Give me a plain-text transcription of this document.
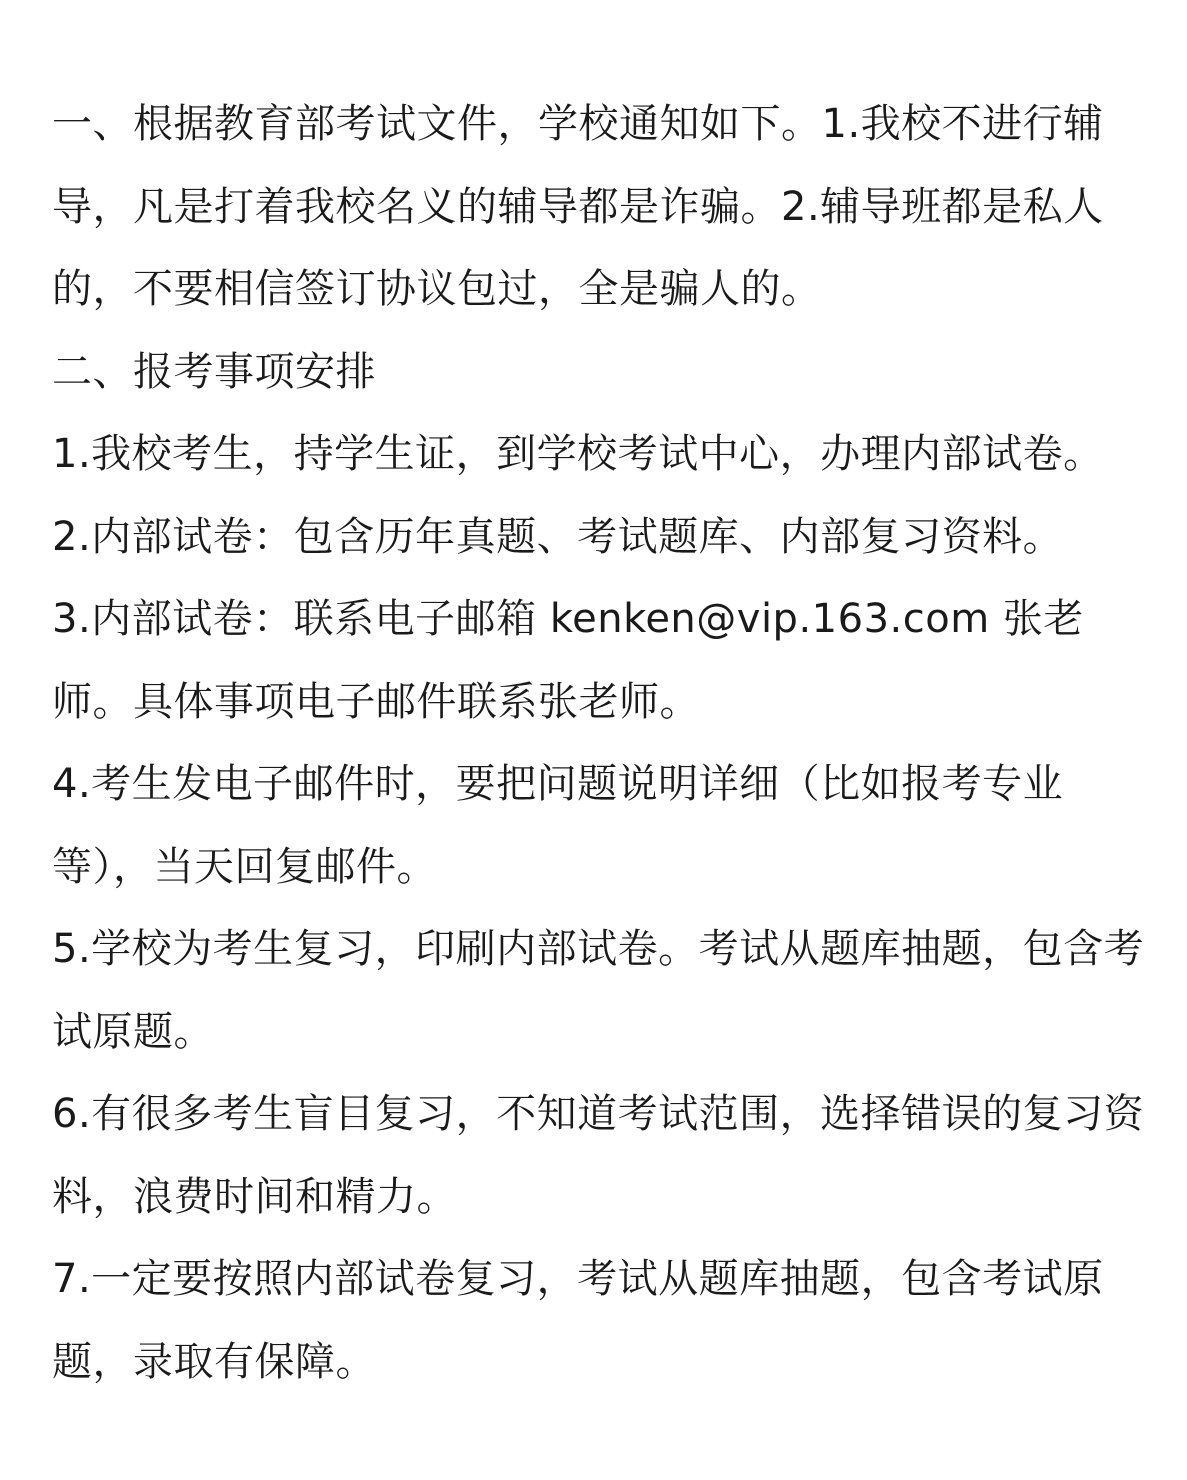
一、根据教育部考试文件，学校通知如下。1.我校不进行辅导，凡是打着我校名义的辅导都是诈骗。2.辅导班都是私人的，不要相信签订协议包过，全是骗人的。

二、报考事项安排

1.我校考生，持学生证，到学校考试中心，办理内部试卷。

2.内部试卷：包含历年真题、考试题库、内部复习资料。

3.内部试卷：联系电子邮箱 kenken@vip.163.com 张老师。具体事项电子邮件联系张老师。

4.考生发电子邮件时，要把问题说明详细（比如报考专业等），当天回复邮件。

5.学校为考生复习，印刷内部试卷。考试从题库抽题，包含考试原题。

6.有很多考生盲目复习，不知道考试范围，选择错误的复习资料，浪费时间和精力。

7.一定要按照内部试卷复习，考试从题库抽题，包含考试原题，录取有保障。
